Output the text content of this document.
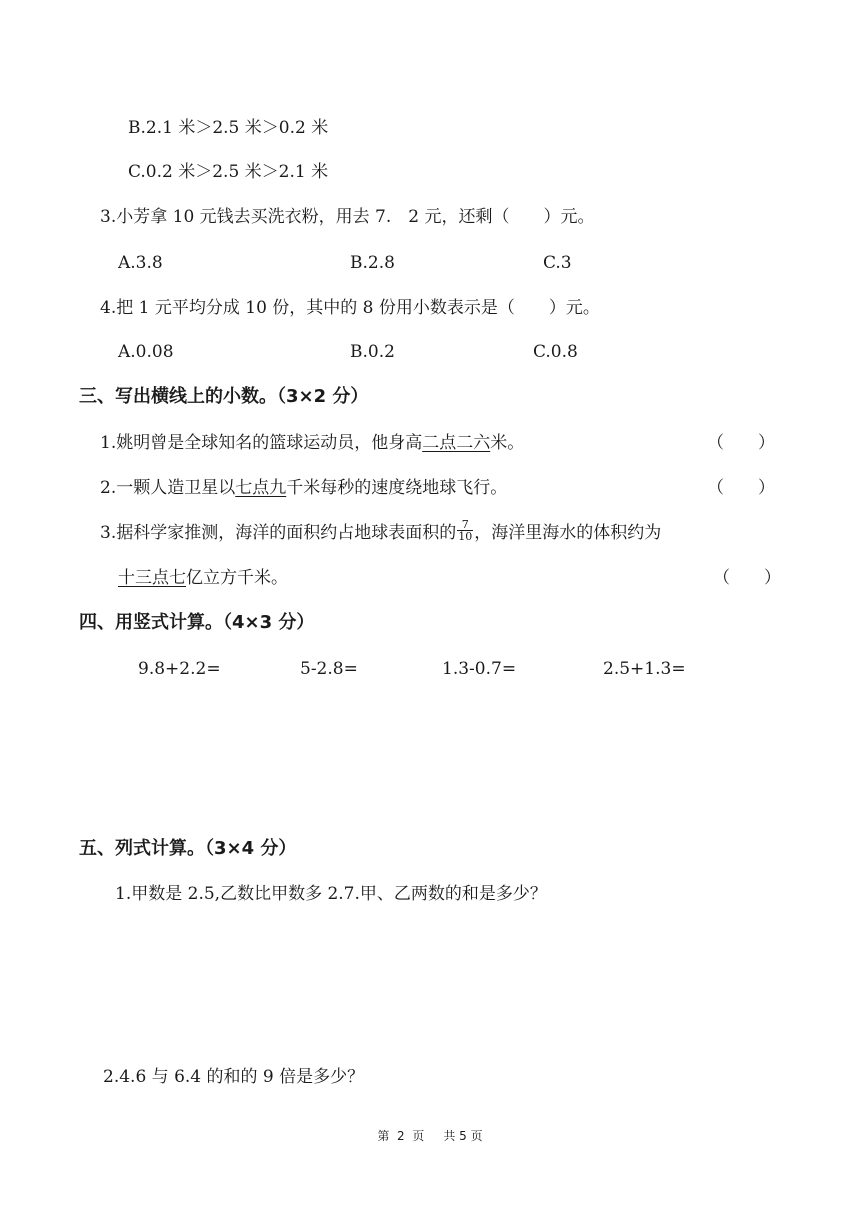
B.2.1 米＞2.5 米＞0.2 米
C.0.2 米＞2.5 米＞2.1 米
3.小芳拿 10 元钱去买洗衣粉，用去 7.　2 元，还剩（　　）元。
A.3.8	B.2.8	C.3
4.把 1 元平均分成 10 份，其中的 8 份用小数表示是（　　）元。
A.0.08	B.0.2	C.0.8
三、写出横线上的小数。（3×2 分）
1.姚明曾是全球知名的篮球运动员，他身高二点二六米。	（　　）
2.一颗人造卫星以七点九千米每秒的速度绕地球飞行。	（　　）
3.据科学家推测，海洋的面积约占地球表面积的 $\frac{7}{10}$ ，海洋里海水的体积约为
十三点七亿立方千米。	（　　）
四、用竖式计算。（4×3 分）
9.8+2.2=	5-2.8=	1.3-0.7=	2.5+1.3=
五、列式计算。（3×4 分）
1.甲数是 2.5,乙数比甲数多 2.7.甲、乙两数的和是多少？
2.4.6 与 6.4 的和的 9 倍是多少？
第  2  页     共 5 页
